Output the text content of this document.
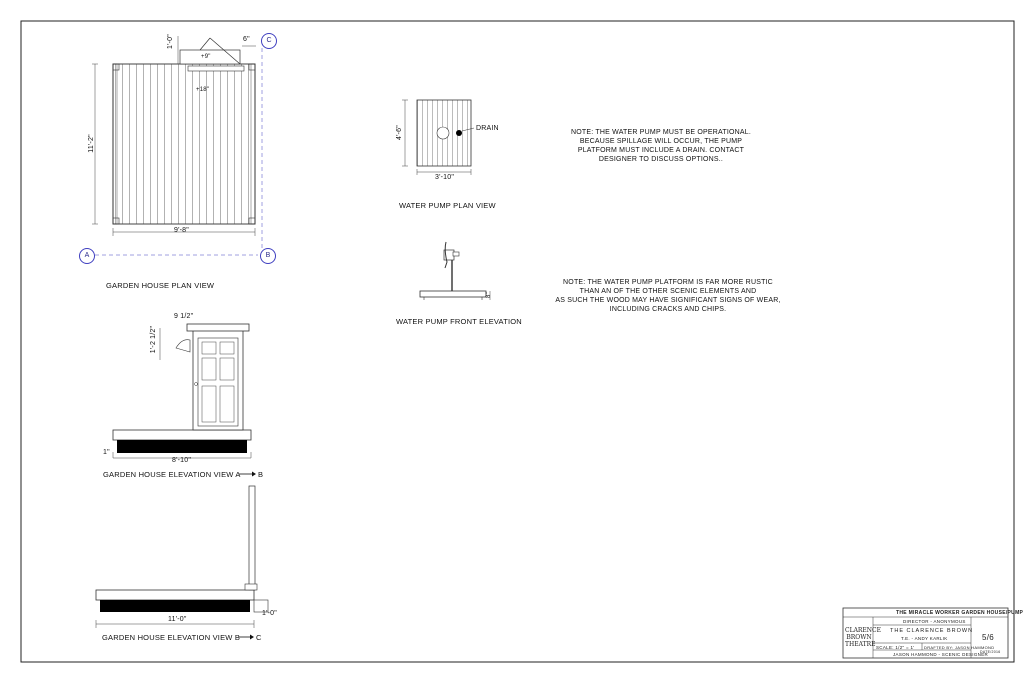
C
A	B
1'-0"	6"
+9"
+18"
11'-2"
9'-8"
GARDEN HOUSE PLAN VIEW
DRAIN
4'-6"
3'-10"
WATER PUMP PLAN VIEW
NOTE: THE WATER PUMP MUST BE OPERATIONAL.
BECAUSE SPILLAGE WILL OCCUR, THE PUMP
PLATFORM MUST INCLUDE A DRAIN. CONTACT
DESIGNER TO DISCUSS OPTIONS..
8"
WATER PUMP FRONT ELEVATION
NOTE: THE WATER PUMP PLATFORM IS FAR MORE RUSTIC
THAN AN OF THE OTHER SCENIC ELEMENTS AND
AS SUCH THE WOOD MAY HAVE SIGNIFICANT SIGNS OF WEAR,
INCLUDING CRACKS AND CHIPS.
9 1/2"
1'-2 1/2"
1"
8'-10"
GARDEN HOUSE ELEVATION VIEW A B
11'-0"
1'-0"
GARDEN HOUSE ELEVATION VIEW B C
THE MIRACLE WORKER GARDEN HOUSE/PUMP
DIRECTOR - ANONYMOUS
THE CLARENCE BROWN
T.E. - ANDY KARLIK
SCALE: 1/2" = 1' DRAFTED BY: JASON HAMMOND
JASON HAMMOND - SCENIC DESIGNER
5/6
DATE/2016
CLARENCE
BROWN
THEATRE
